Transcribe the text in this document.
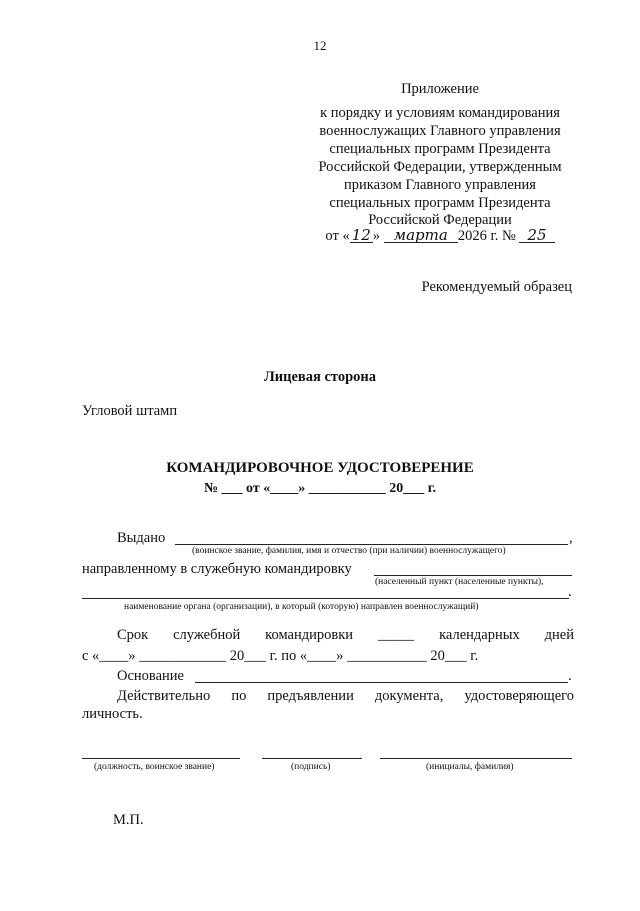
12
Приложение
к порядку и условиям командирования
военнослужащих Главного управления
специальных программ Президента
Российской Федерации, утвержденным
приказом Главного управления
специальных программ Президента
Российской Федерации
от « 12 » марта 2026 г. № 25
Рекомендуемый образец
Лицевая сторона
Угловой штамп
КОМАНДИРОВОЧНОЕ УДОСТОВЕРЕНИЕ
№ ___ от «____» ___________ 20___ г.
Выдано	,
(воинское звание, фамилия, имя и отчество (при наличии) военнослужащего)
направленному в служебную командировку
(населенный пункт (населенные пункты),
.
наименование органа (организации), в который (которую) направлен военнослужащий)
Срок служебной командировки _____ календарных дней
с «____» ____________ 20___ г. по «____» ___________ 20___ г.
Основание	.
Действительно по предъявлении документа, удостоверяющего
личность.
(должность, воинское звание)	(подпись)	(инициалы, фамилия)
М.П.
